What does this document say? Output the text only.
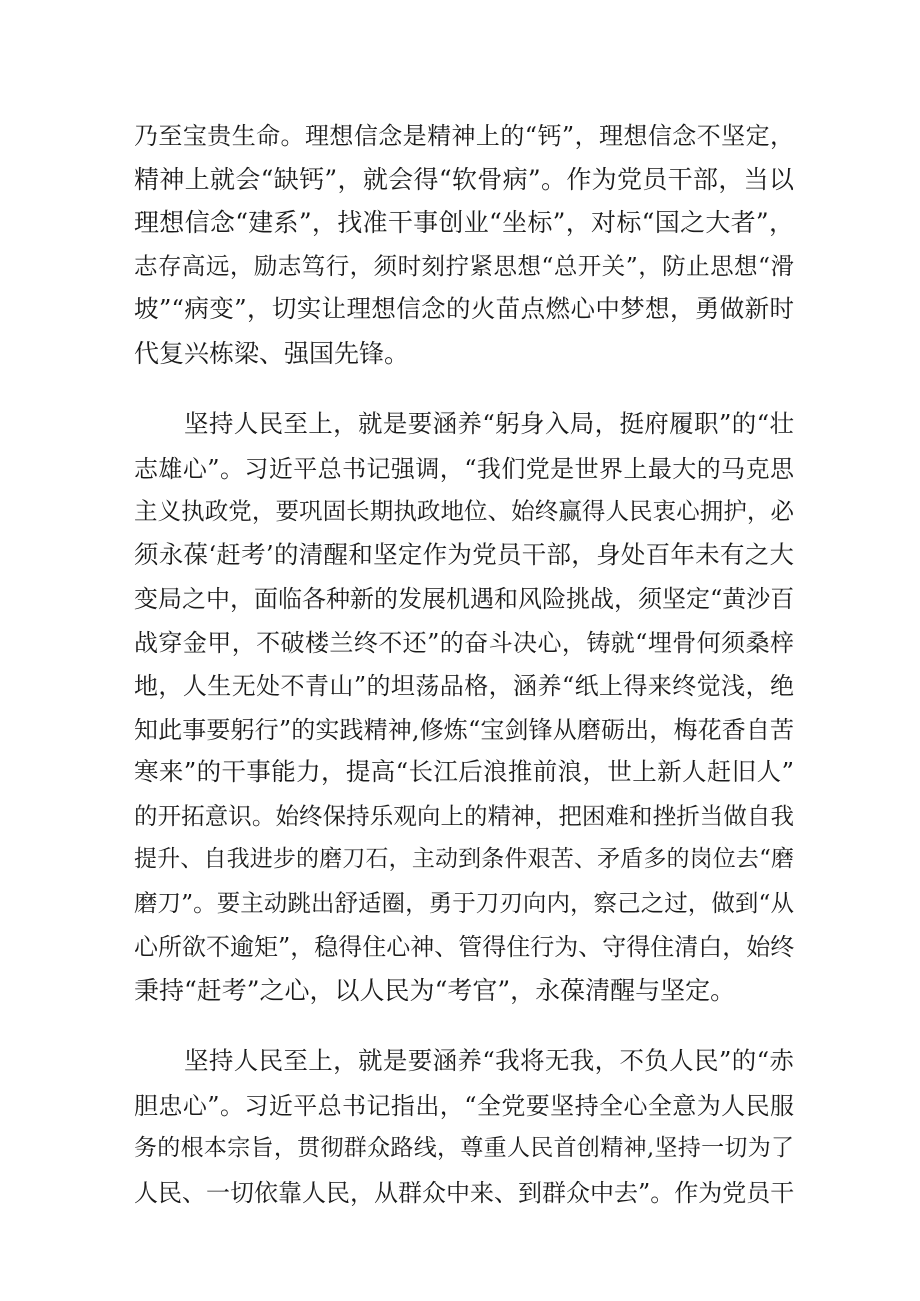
乃至宝贵生命。理想信念是精神上的“钙”，理想信念不坚定，
精神上就会“缺钙”，就会得“软骨病”。作为党员干部，当以
理想信念“建系”，找准干事创业“坐标”，对标“国之大者”，
志存高远，励志笃行，须时刻拧紧思想“总开关”，防止思想“滑
坡”“病变”，切实让理想信念的火苗点燃心中梦想，勇做新时
代复兴栋梁、强国先锋。
坚持人民至上，就是要涵养“躬身入局，挺府履职”的“壮
志雄心”。习近平总书记强调，“我们党是世界上最大的马克思
主义执政党，要巩固长期执政地位、始终赢得人民衷心拥护，必
须永葆‘赶考’的清醒和坚定作为党员干部，身处百年未有之大
变局之中，面临各种新的发展机遇和风险挑战，须坚定“黄沙百
战穿金甲，不破楼兰终不还”的奋斗决心，铸就“埋骨何须桑梓
地，人生无处不青山”的坦荡品格，涵养“纸上得来终觉浅，绝
知此事要躬行”的实践精神,修炼“宝剑锋从磨砺出，梅花香自苦
寒来”的干事能力，提高“长江后浪推前浪，世上新人赶旧人”
的开拓意识。始终保持乐观向上的精神，把困难和挫折当做自我
提升、自我进步的磨刀石，主动到条件艰苦、矛盾多的岗位去“磨
磨刀”。要主动跳出舒适圈，勇于刀刃向内，察己之过，做到“从
心所欲不逾矩”，稳得住心神、管得住行为、守得住清白，始终
秉持“赶考”之心，以人民为“考官”，永葆清醒与坚定。
坚持人民至上，就是要涵养“我将无我，不负人民”的“赤
胆忠心”。习近平总书记指出，“全党要坚持全心全意为人民服
务的根本宗旨，贯彻群众路线，尊重人民首创精神,坚持一切为了
人民、一切依靠人民，从群众中来、到群众中去”。作为党员干
